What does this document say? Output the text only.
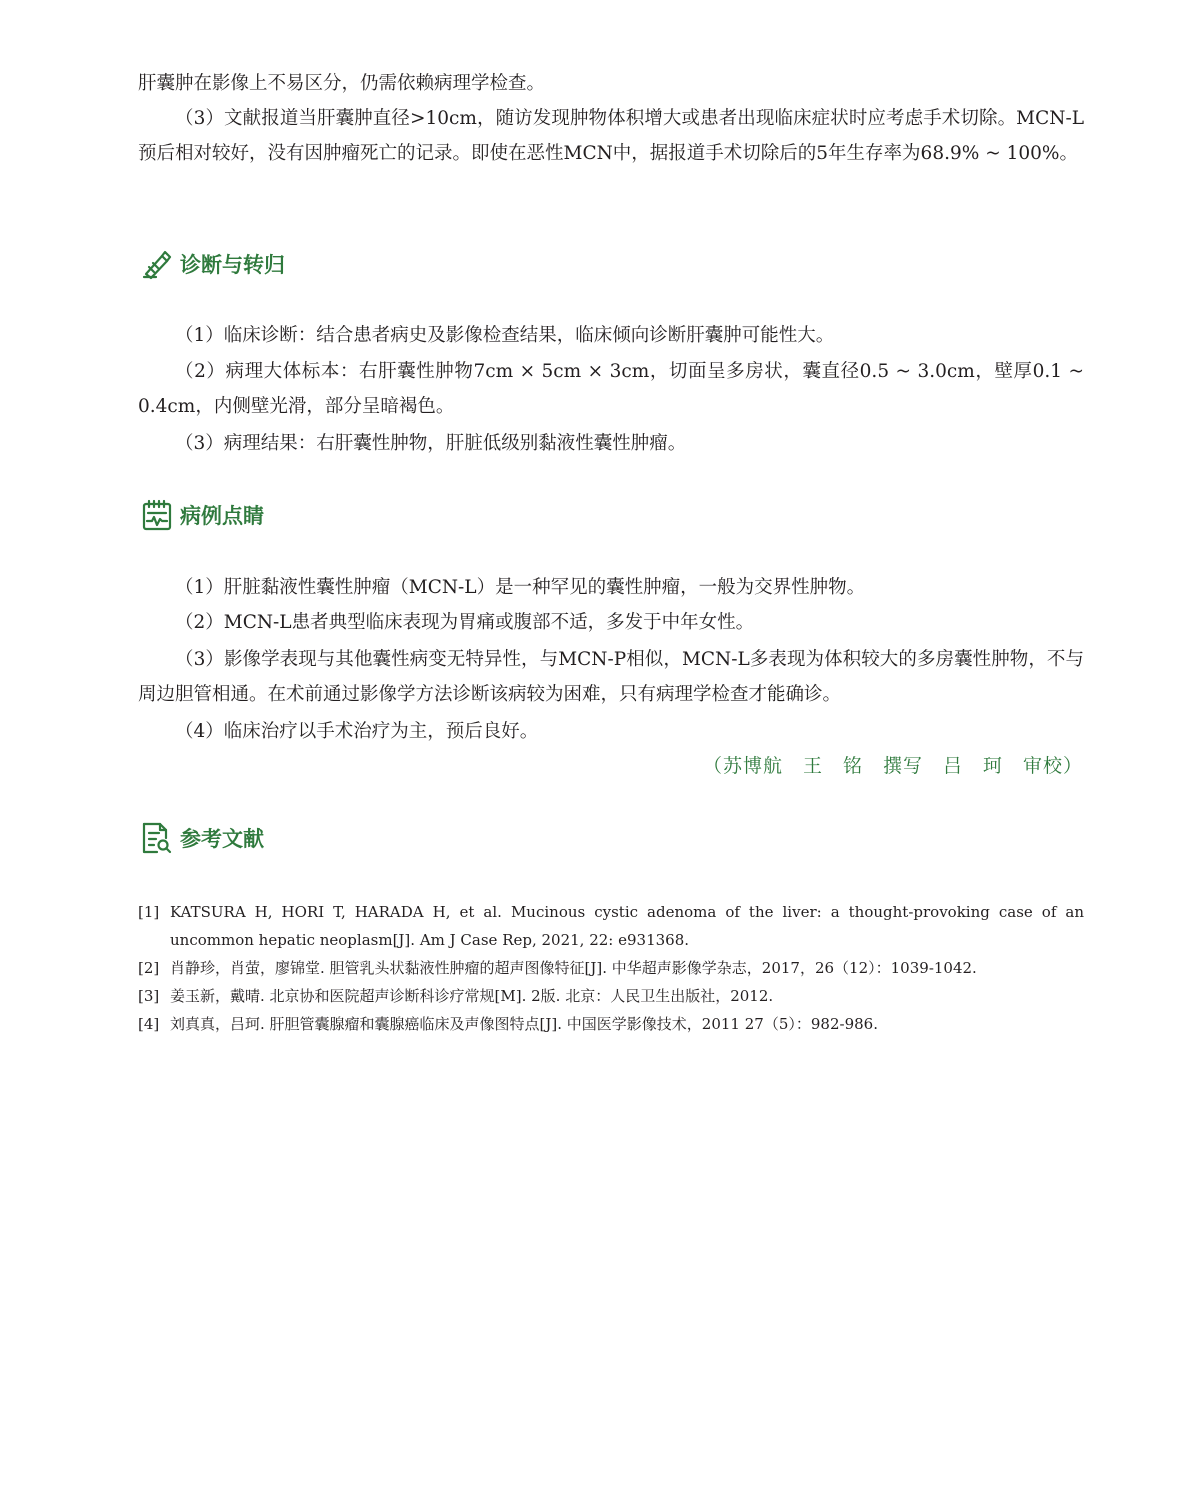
肝囊肿在影像上不易区分，仍需依赖病理学检查。
（3）文献报道当肝囊肿直径>10cm，随访发现肿物体积增大或患者出现临床症状时应考虑手术切除。MCN-L预后相对较好，没有因肿瘤死亡的记录。即使在恶性MCN中，据报道手术切除后的5年生存率为68.9% ~ 100%。
诊断与转归
（1）临床诊断：结合患者病史及影像检查结果，临床倾向诊断肝囊肿可能性大。
（2）病理大体标本：右肝囊性肿物7cm × 5cm × 3cm，切面呈多房状，囊直径0.5 ~ 3.0cm，壁厚0.1 ~ 0.4cm，内侧壁光滑，部分呈暗褐色。
（3）病理结果：右肝囊性肿物，肝脏低级别黏液性囊性肿瘤。
病例点睛
（1）肝脏黏液性囊性肿瘤（MCN-L）是一种罕见的囊性肿瘤，一般为交界性肿物。
（2）MCN-L患者典型临床表现为胃痛或腹部不适，多发于中年女性。
（3）影像学表现与其他囊性病变无特异性，与MCN-P相似，MCN-L多表现为体积较大的多房囊性肿物，不与周边胆管相通。在术前通过影像学方法诊断该病较为困难，只有病理学检查才能确诊。
（4）临床治疗以手术治疗为主，预后良好。
（苏博航　王　铭　撰写　吕　珂　审校）
参考文献
[1] KATSURA H, HORI T, HARADA H, et al. Mucinous cystic adenoma of the liver: a thought-provoking case of an uncommon hepatic neoplasm[J]. Am J Case Rep, 2021, 22: e931368.
[2] 肖静珍，肖萤，廖锦堂. 胆管乳头状黏液性肿瘤的超声图像特征[J]. 中华超声影像学杂志，2017，26（12）：1039-1042.
[3] 姜玉新，戴晴. 北京协和医院超声诊断科诊疗常规[M]. 2版. 北京：人民卫生出版社，2012.
[4] 刘真真，吕珂. 肝胆管囊腺瘤和囊腺癌临床及声像图特点[J]. 中国医学影像技术，2011 27（5）：982-986.
